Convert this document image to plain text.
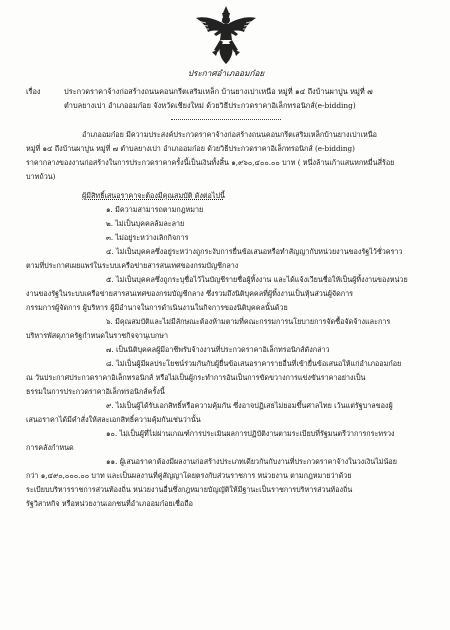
ประกาศอำเภออมก๋อย
เรื่อง	ประกวดราคาจ้างก่อสร้างถนนคอนกรีตเสริมเหล็ก บ้านยางเปาเหนือ หมู่ที่ ๑๔ ถึงบ้านผาปูน หมู่ที่ ๗
ตำบลยางเปา อำเภออมก๋อย จังหวัดเชียงใหม่ ด้วยวิธีประกวดราคาอิเล็กทรอนิกส์(e-bidding)

อำเภออมก๋อย มีความประสงค์ประกวดราคาจ้างก่อสร้างถนนคอนกรีตเสริมเหล็กบ้านยางเปาเหนือ

หมู่ที่ ๑๔ ถึงบ้านผาปูน หมู่ที่ ๗ ตำบลยางเปา อำเภออมก๋อย ด้วยวิธีประกวดราคาอิเล็กทรอนิกส์ (e-bidding)

ราคากลางของงานก่อสร้างในการประกวดราคาครั้งนี้เป็นเงินทั้งสิ้น ๑,๙๖๐,๔๐๐.๐๐ บาท ( หนึ่งล้านเก้าแสนหกหมื่นสี่ร้อย

บาทถ้วน)

ผู้มีสิทธิ์เสนอราคาจะต้องมีคุณสมบัติ ดังต่อไปนี้

๑. มีความสามารถตามกฎหมาย

๒. ไม่เป็นบุคคลล้มละลาย

๓. ไม่อยู่ระหว่างเลิกกิจการ

๔. ไม่เป็นบุคคลซึ่งอยู่ระหว่างถูกระงับการยื่นข้อเสนอหรือทำสัญญากับหน่วยงานของรัฐไว้ชั่วคราว

ตามที่ประกาศเผยแพร่ในระบบเครือข่ายสารสนเทศของกรมบัญชีกลาง

๕. ไม่เป็นบุคคลซึ่งถูกระบุชื่อไว้ในบัญชีรายชื่อผู้ทิ้งงาน และได้แจ้งเวียนชื่อให้เป็นผู้ทิ้งงานของหน่วย

งานของรัฐในระบบเครือข่ายสารสนเทศของกรมบัญชีกลาง ซึ่งรวมถึงนิติบุคคลที่ผู้ทิ้งงานเป็นหุ้นส่วนผู้จัดการ

กรรมการผู้จัดการ ผู้บริหาร ผู้มีอำนาจในการดำเนินงานในกิจการของนิติบุคคลนั้นด้วย

๖. มีคุณสมบัติและไม่มีลักษณะต้องห้ามตามที่คณะกรรมการนโยบายการจัดซื้อจัดจ้างและการ

บริหารพัสดุภาครัฐกำหนดในราชกิจจานุเบกษา

๗. เป็นนิติบุคคลผู้มีอาชีพรับจ้างงานที่ประกวดราคาอิเล็กทรอนิกส์ดังกล่าว

๘. ไม่เป็นผู้มีผลประโยชน์ร่วมกันกับผู้ยื่นข้อเสนอราคารายอื่นที่เข้ายื่นข้อเสนอให้แก่อำเภออมก๋อย

ณ วันประกาศประกวดราคาอิเล็กทรอนิกส์ หรือไม่เป็นผู้กระทำการอันเป็นการขัดขวางการแข่งขันราคาอย่างเป็น

ธรรมในการประกวดราคาอิเล็กทรอนิกส์ครั้งนี้

๙. ไม่เป็นผู้ได้รับเอกสิทธิ์หรือความคุ้มกัน ซึ่งอาจปฏิเสธไม่ยอมขึ้นศาลไทย เว้นแต่รัฐบาลของผู้

เสนอราคาได้มีคำสั่งให้สละเอกสิทธิ์ความคุ้มกันเช่นว่านั้น

๑๐. ไม่เป็นผู้ที่ไม่ผ่านเกณฑ์การประเมินผลการปฏิบัติงานตามระเบียบที่รัฐมนตรีว่าการกระทรวง

การคลังกำหนด

๑๑. ผู้เสนอราคาต้องมีผลงานก่อสร้างประเภทเดียวกันกับงานที่ประกวดราคาจ้างในวงเงินไม่น้อย

กว่า ๑,๔๙๐,๐๐๐.๐๐ บาท และเป็นผลงานที่คู่สัญญาโดยตรงกับส่วนราชการ หน่วยงาน ตามกฎหมายว่าด้วย

ระเบียบบริหารราชการส่วนท้องถิ่น หน่วยงานอื่นซึ่งกฎหมายบัญญัติให้มีฐานะเป็นราชการบริหารส่วนท้องถิ่น

รัฐวิสาหกิจ หรือหน่วยงานเอกชนที่อำเภออมก๋อยเชื่อถือ
